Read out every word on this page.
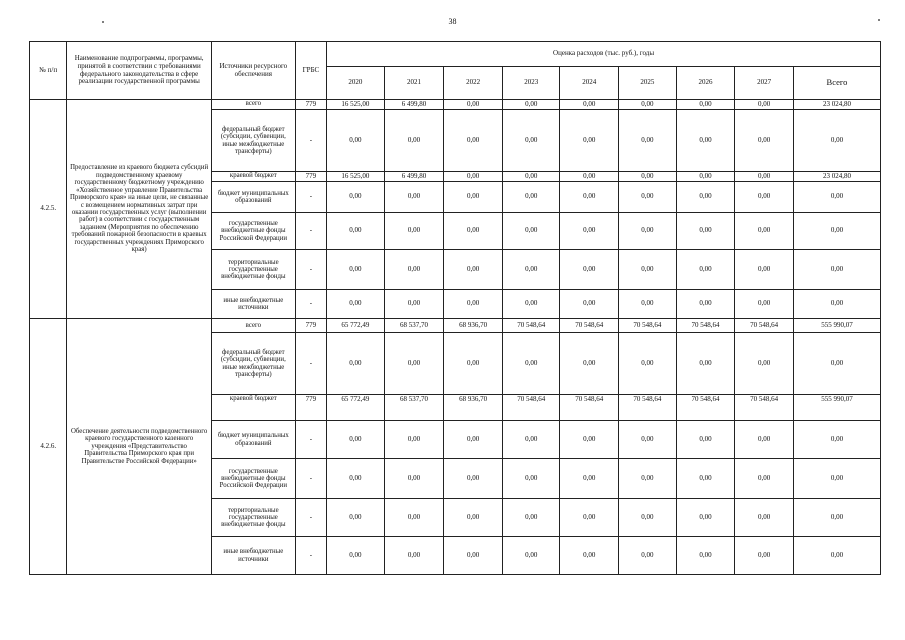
38
№ п/п	Наименование подпрограммы, программы, принятой в соответствии с требованиями федерального законодательства в сфере реализации государственной программы	Источники ресурсного обеспечения	ГРБС	Оценка расходов (тыс. руб.), годы								
				2020	2021	2022	2023	2024	2025	2026	2027	Всего
4.2.5.	Предоставление из краевого бюджета субсидий подведомственному краевому государственному бюджетному учреждению «Хозяйственное управление Правительства Приморского края» на иные цели, не связанные с возмещением нормативных затрат при оказании государственных услуг (выполнении работ) в соответствии с государственным заданием (Мероприятия по обеспечению требований пожарной безопасности в краевых государственных учреждениях Приморского края)	всего	779	16 525,00	6 499,80	0,00	0,00	0,00	0,00	0,00	0,00	23 024,80
		федеральный бюджет (субсидии, субвенции, иные межбюджетные трансферты)	-	0,00	0,00	0,00	0,00	0,00	0,00	0,00	0,00	0,00
		краевой бюджет	779	16 525,00	6 499,80	0,00	0,00	0,00	0,00	0,00	0,00	23 024,80
		бюджет муниципальных образований	-	0,00	0,00	0,00	0,00	0,00	0,00	0,00	0,00	0,00
		государственные внебюджетные фонды Российской Федерации	-	0,00	0,00	0,00	0,00	0,00	0,00	0,00	0,00	0,00
		территориальные государственные внебюджетные фонды	-	0,00	0,00	0,00	0,00	0,00	0,00	0,00	0,00	0,00
		иные внебюджетные источники	-	0,00	0,00	0,00	0,00	0,00	0,00	0,00	0,00	0,00
4.2.6.	Обеспечение деятельности подведомственного краевого государственного казенного учреждения «Представительство Правительства Приморского края при Правительстве Российской Федерации»	всего	779	65 772,49	68 537,70	68 936,70	70 548,64	70 548,64	70 548,64	70 548,64	70 548,64	555 990,07
		федеральный бюджет (субсидии, субвенции, иные межбюджетные трансферты)	-	0,00	0,00	0,00	0,00	0,00	0,00	0,00	0,00	0,00
		краевой бюджет	779	65 772,49	68 537,70	68 936,70	70 548,64	70 548,64	70 548,64	70 548,64	70 548,64	555 990,07
		бюджет муниципальных образований	-	0,00	0,00	0,00	0,00	0,00	0,00	0,00	0,00	0,00
		государственные внебюджетные фонды Российской Федерации	-	0,00	0,00	0,00	0,00	0,00	0,00	0,00	0,00	0,00
		территориальные государственные внебюджетные фонды	-	0,00	0,00	0,00	0,00	0,00	0,00	0,00	0,00	0,00
		иные внебюджетные источники	-	0,00	0,00	0,00	0,00	0,00	0,00	0,00	0,00	0,00
